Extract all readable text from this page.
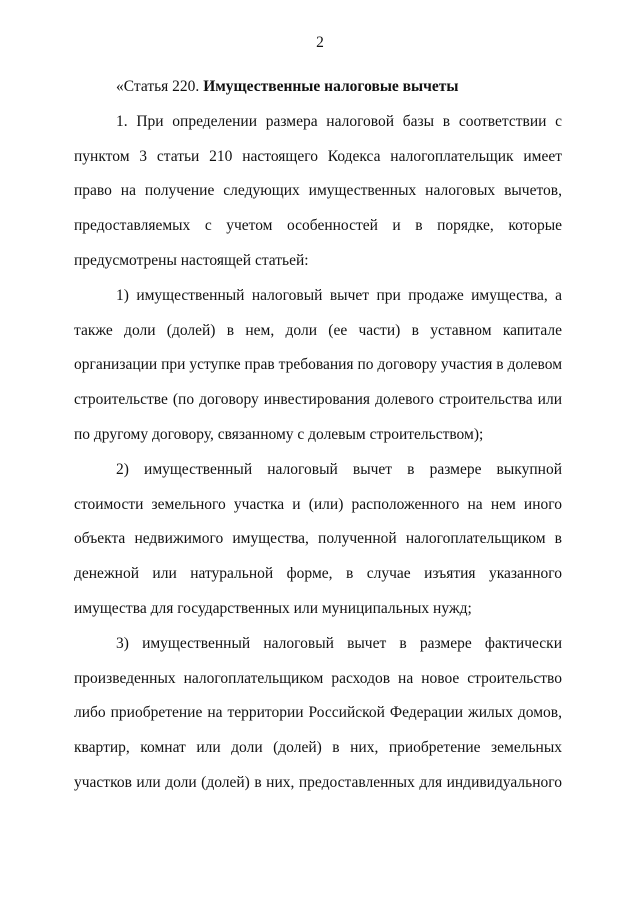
2

«Статья 220. Имущественные налоговые вычеты

1. При определении размера налоговой базы в соответствии с пунктом 3 статьи 210 настоящего Кодекса налогоплательщик имеет право на получение следующих имущественных налоговых вычетов, предоставляемых с учетом особенностей и в порядке, которые предусмотрены настоящей статьей:

1) имущественный налоговый вычет при продаже имущества, а также доли (долей) в нем, доли (ее части) в уставном капитале организации при уступке прав требования по договору участия в долевом строительстве (по договору инвестирования долевого строительства или по другому договору, связанному с долевым строительством);

2) имущественный налоговый вычет в размере выкупной стоимости земельного участка и (или) расположенного на нем иного объекта недвижимого имущества, полученной налогоплательщиком в денежной или натуральной форме, в случае изъятия указанного имущества для государственных или муниципальных нужд;

3) имущественный налоговый вычет в размере фактически произведенных налогоплательщиком расходов на новое строительство либо приобретение на территории Российской Федерации жилых домов, квартир, комнат или доли (долей) в них, приобретение земельных участков или доли (долей) в них, предоставленных для индивидуального
